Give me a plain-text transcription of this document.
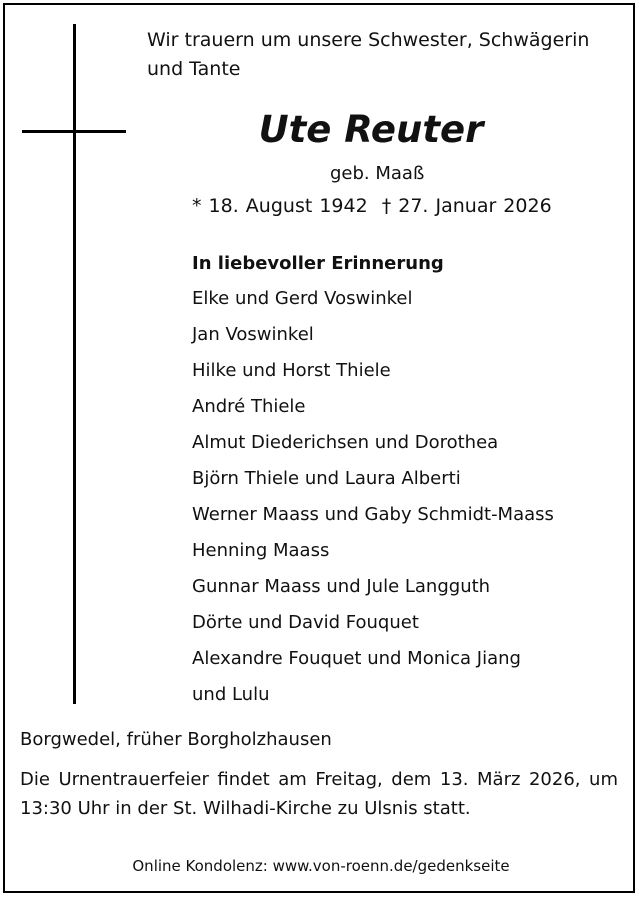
Wir trauern um unsere Schwester, Schwägerin und Tante
Ute Reuter
geb. Maaß
* 18. August 1942 † 27. Januar 2026
In liebevoller Erinnerung
Elke und Gerd Voswinkel
Jan Voswinkel
Hilke und Horst Thiele
André Thiele
Almut Diederichsen und Dorothea
Björn Thiele und Laura Alberti
Werner Maass und Gaby Schmidt-Maass
Henning Maass
Gunnar Maass und Jule Langguth
Dörte und David Fouquet
Alexandre Fouquet und Monica Jiang
und Lulu
Borgwedel, früher Borgholzhausen
Die Urnentrauerfeier findet am Freitag, dem 13. März 2026, um 13:30 Uhr in der St. Wilhadi-Kirche zu Ulsnis statt.
Online Kondolenz: www.von-roenn.de/gedenkseite
